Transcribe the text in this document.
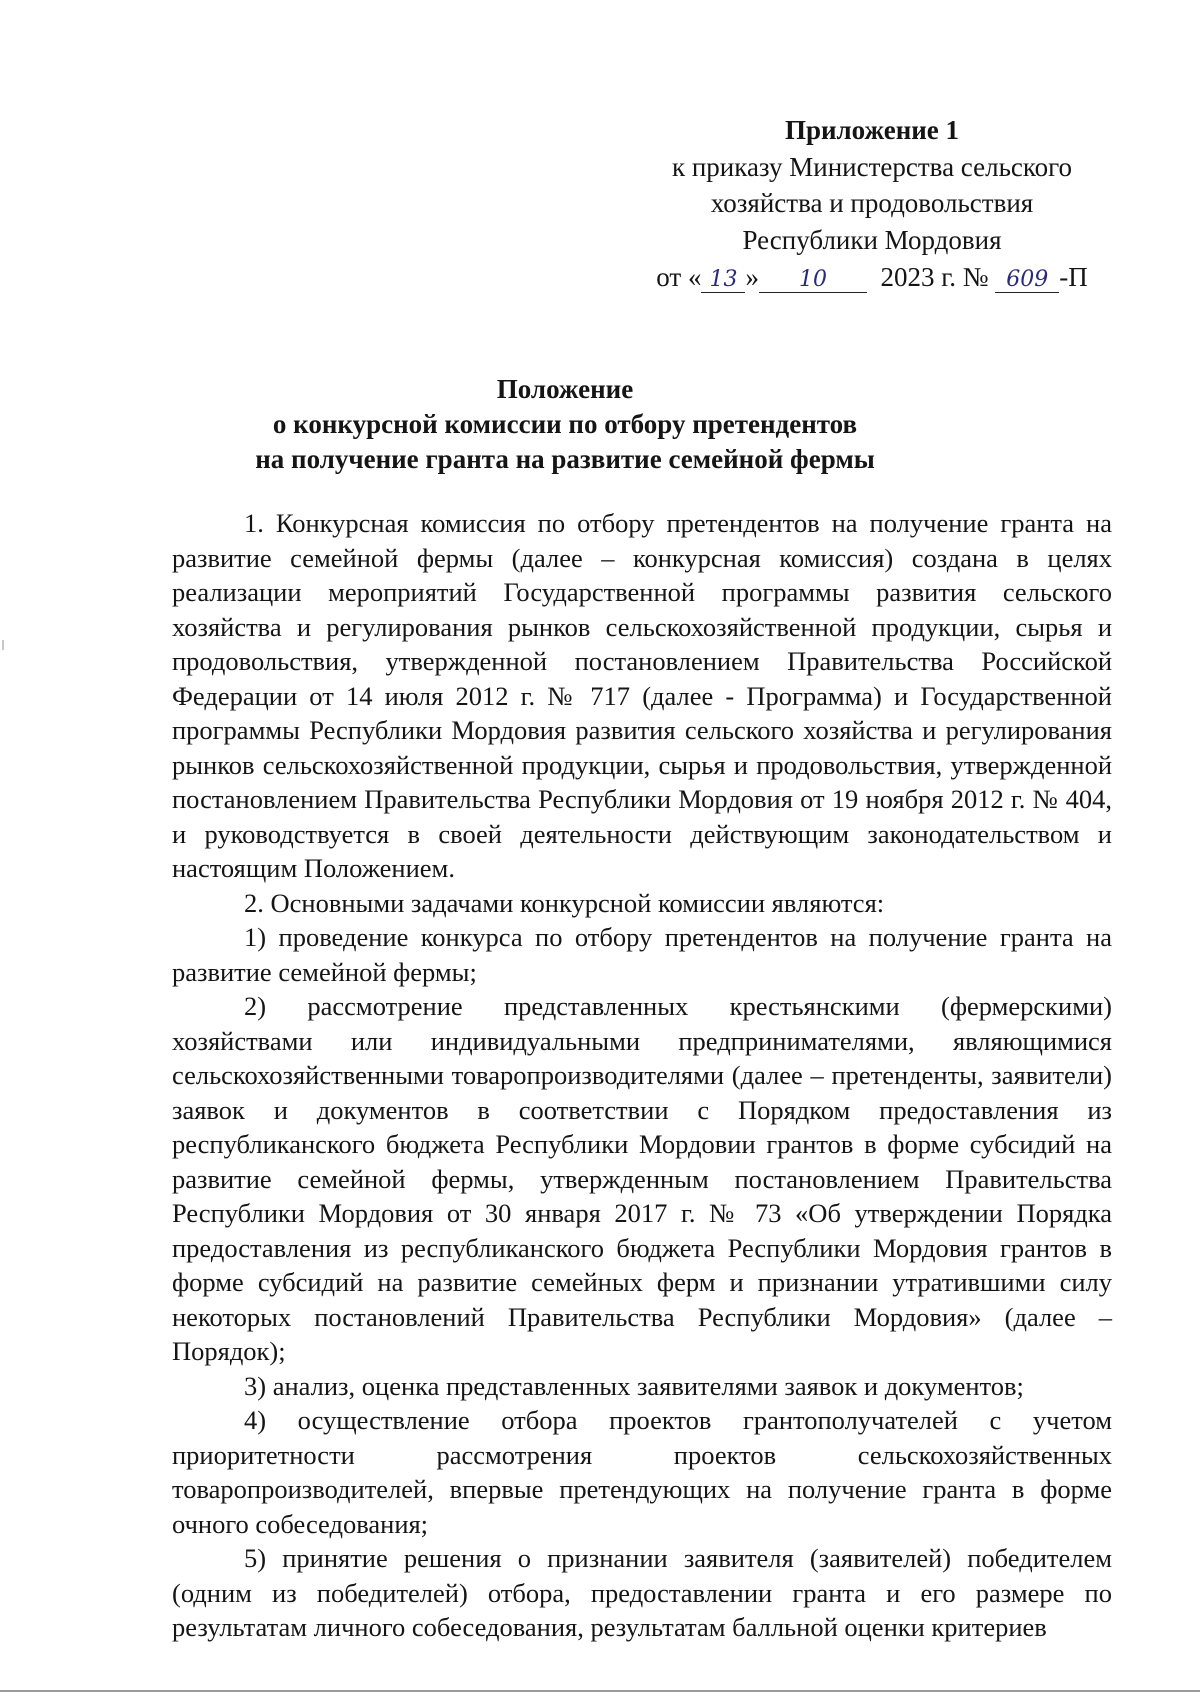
Приложение 1
к приказу Министерства сельского
хозяйства и продовольствия
Республики Мордовия
от « 13 » 10 2023 г. № 609 -П
Положение
о конкурсной комиссии по отбору претендентов
на получение гранта на развитие семейной фермы

1. Конкурсная комиссия по отбору претендентов на получение гранта на развитие семейной фермы (далее – конкурсная комиссия) создана в целях реализации мероприятий Государственной программы развития сельского хозяйства и регулирования рынков сельскохозяйственной продукции, сырья и продовольствия, утвержденной постановлением Правительства Российской Федерации от 14 июля 2012 г. № 717 (далее - Программа) и Государственной программы Республики Мордовия развития сельского хозяйства и регулирования рынков сельскохозяйственной продукции, сырья и продовольствия, утвержденной постановлением Правительства Республики Мордовия от 19 ноября 2012 г. № 404, и руководствуется в своей деятельности действующим законодательством и настоящим Положением.

2. Основными задачами конкурсной комиссии являются:

1) проведение конкурса по отбору претендентов на получение гранта на развитие семейной фермы;

2) рассмотрение представленных крестьянскими (фермерскими) хозяйствами или индивидуальными предпринимателями, являющимися сельскохозяйственными товаропроизводителями (далее – претенденты, заявители) заявок и документов в соответствии с Порядком предоставления из республиканского бюджета Республики Мордовии грантов в форме субсидий на развитие семейной фермы, утвержденным постановлением Правительства Республики Мордовия от 30 января 2017 г. № 73 «Об утверждении Порядка предоставления из республиканского бюджета Республики Мордовия грантов в форме субсидий на развитие семейных ферм и признании утратившими силу некоторых постановлений Правительства Республики Мордовия» (далее – Порядок);

3) анализ, оценка представленных заявителями заявок и документов;

4) осуществление отбора проектов грантополучателей с учетом приоритетности рассмотрения проектов сельскохозяйственных товаропроизводителей, впервые претендующих на получение гранта в форме очного собеседования;

5) принятие решения о признании заявителя (заявителей) победителем (одним из победителей) отбора, предоставлении гранта и его размере по результатам личного собеседования, результатам балльной оценки критериев
